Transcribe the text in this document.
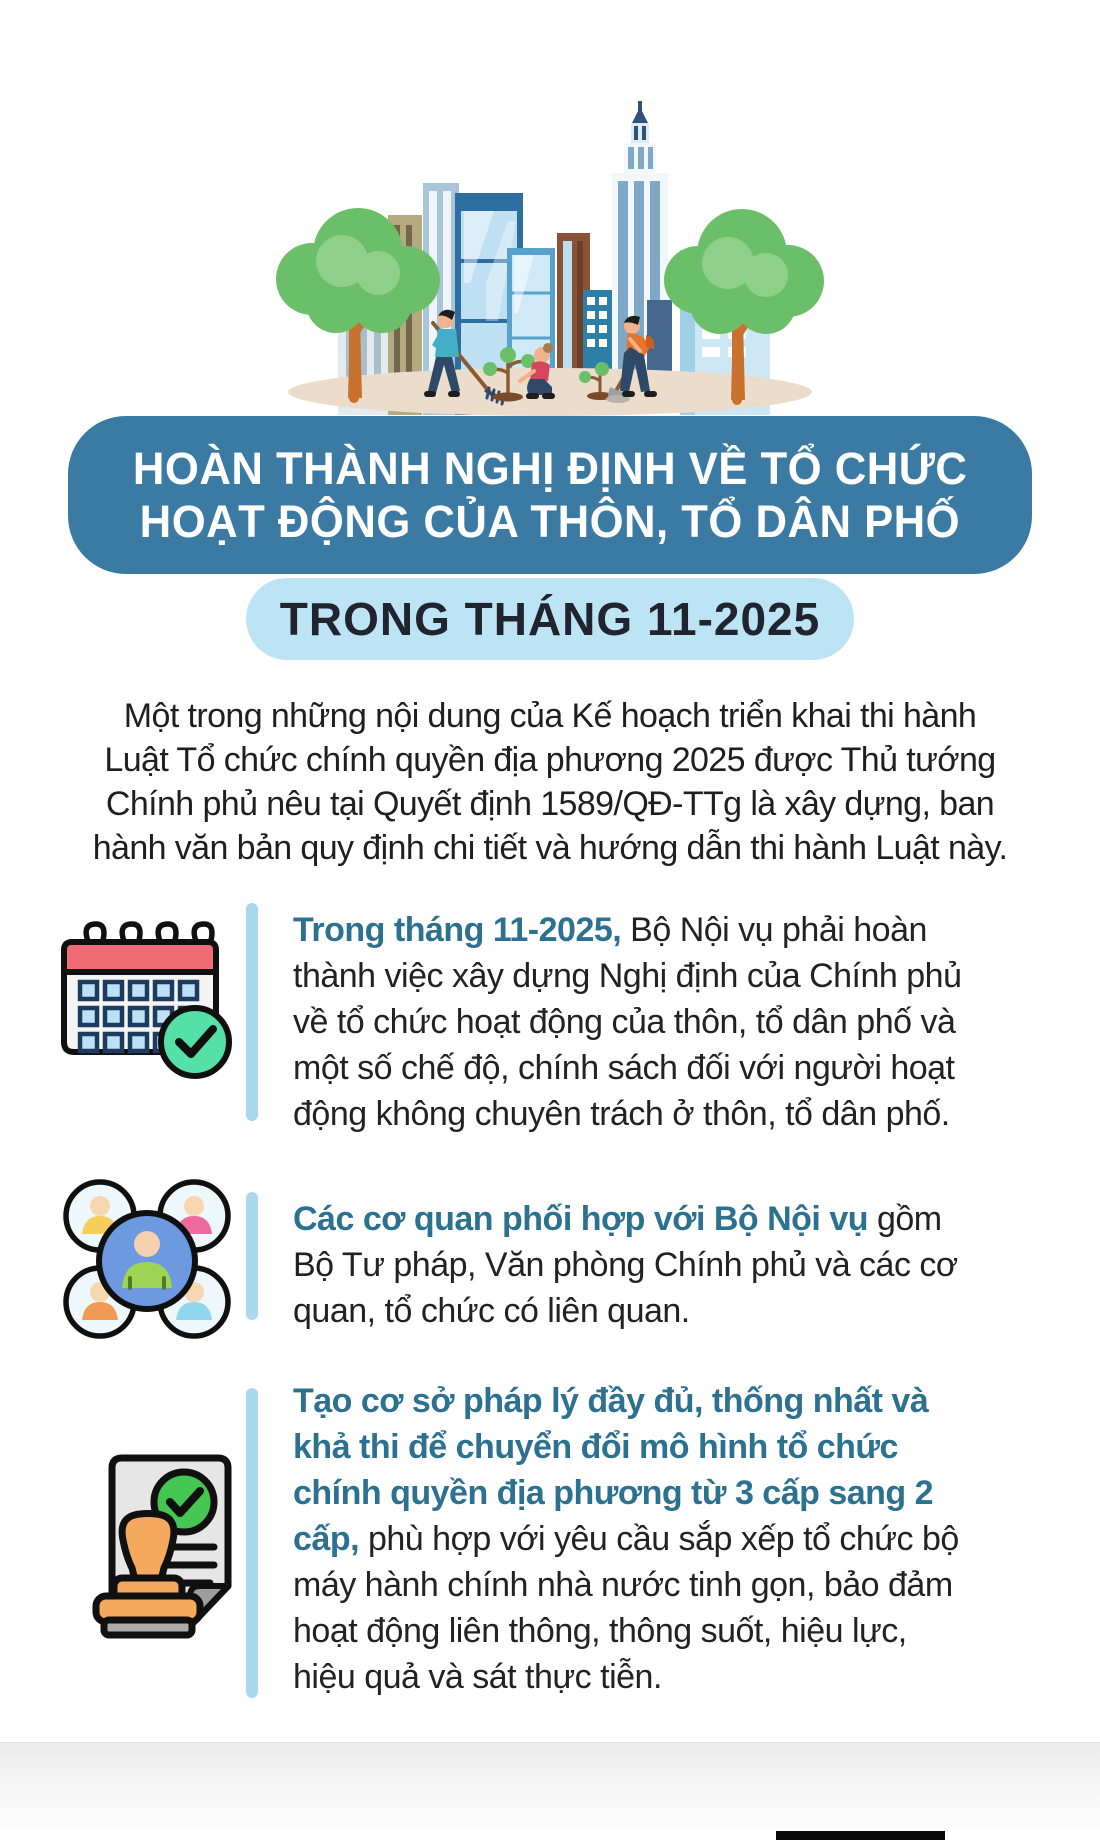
HOÀN THÀNH NGHỊ ĐỊNH VỀ TỔ CHỨC
HOẠT ĐỘNG CỦA THÔN, TỔ DÂN PHỐ
TRONG THÁNG 11-2025
Một trong những nội dung của Kế hoạch triển khai thi hành
Luật Tổ chức chính quyền địa phương 2025 được Thủ tướng
Chính phủ nêu tại Quyết định 1589/QĐ-TTg là xây dựng, ban
hành văn bản quy định chi tiết và hướng dẫn thi hành Luật này.
Trong tháng 11-2025, Bộ Nội vụ phải hoàn
thành việc xây dựng Nghị định của Chính phủ
về tổ chức hoạt động của thôn, tổ dân phố và
một số chế độ, chính sách đối với người hoạt
động không chuyên trách ở thôn, tổ dân phố.
Các cơ quan phối hợp với Bộ Nội vụ gồm
Bộ Tư pháp, Văn phòng Chính phủ và các cơ
quan, tổ chức có liên quan.
Tạo cơ sở pháp lý đầy đủ, thống nhất và
khả thi để chuyển đổi mô hình tổ chức
chính quyền địa phương từ 3 cấp sang 2
cấp, phù hợp với yêu cầu sắp xếp tổ chức bộ
máy hành chính nhà nước tinh gọn, bảo đảm
hoạt động liên thông, thông suốt, hiệu lực,
hiệu quả và sát thực tiễn.
